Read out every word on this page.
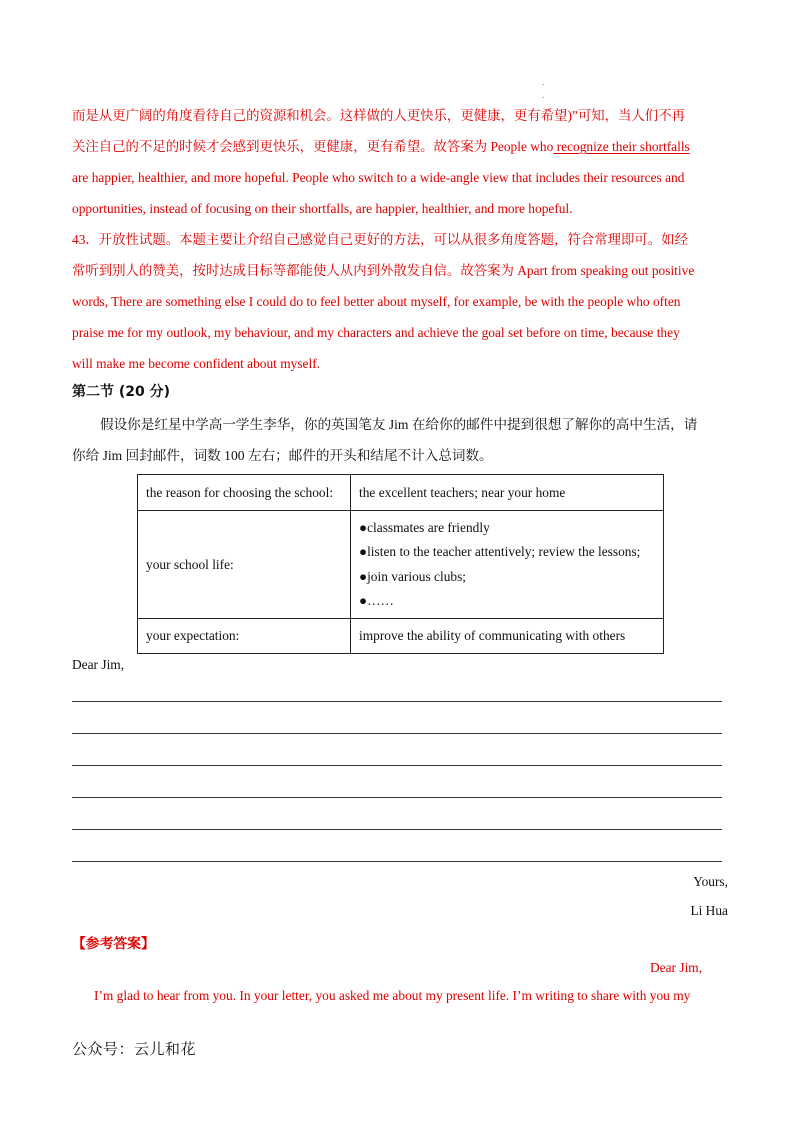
.
.
而是从更广阔的角度看待自己的资源和机会。这样做的人更快乐，更健康，更有希望)”可知，当人们不再
关注自己的不足的时候才会感到更快乐，更健康，更有希望。故答案为 People who recognize their shortfalls
are happier, healthier, and more hopeful. People who switch to a wide-angle view that includes their resources and
opportunities, instead of focusing on their shortfalls, are happier, healthier, and more hopeful.
43．开放性试题。本题主要让介绍自己感觉自己更好的方法，可以从很多角度答题，符合常理即可。如经
常听到别人的赞美，按时达成目标等都能使人从内到外散发自信。故答案为 Apart from speaking out positive
words, There are something else I could do to feel better about myself, for example, be with the people who often
praise me for my outlook, my behaviour, and my characters and achieve the goal set before on time, because they
will make me become confident about myself.
第二节 (20 分)
假设你是红星中学高一学生李华，你的英国笔友 Jim 在给你的邮件中提到很想了解你的高中生活，请
你给 Jim 回封邮件，词数 100 左右；邮件的开头和结尾不计入总词数。
the reason for choosing the school:	the excellent teachers; near your home
your school life:	●classmates are friendly
●listen to the teacher attentively; review the lessons;
●join various clubs;
●……

your expectation:	improve the ability of communicating with others
Dear Jim,
Yours,
Li Hua
【参考答案】
Dear Jim,
I’m glad to hear from you. In your letter, you asked me about my present life. I’m writing to share with you my
公众号：云儿和花
